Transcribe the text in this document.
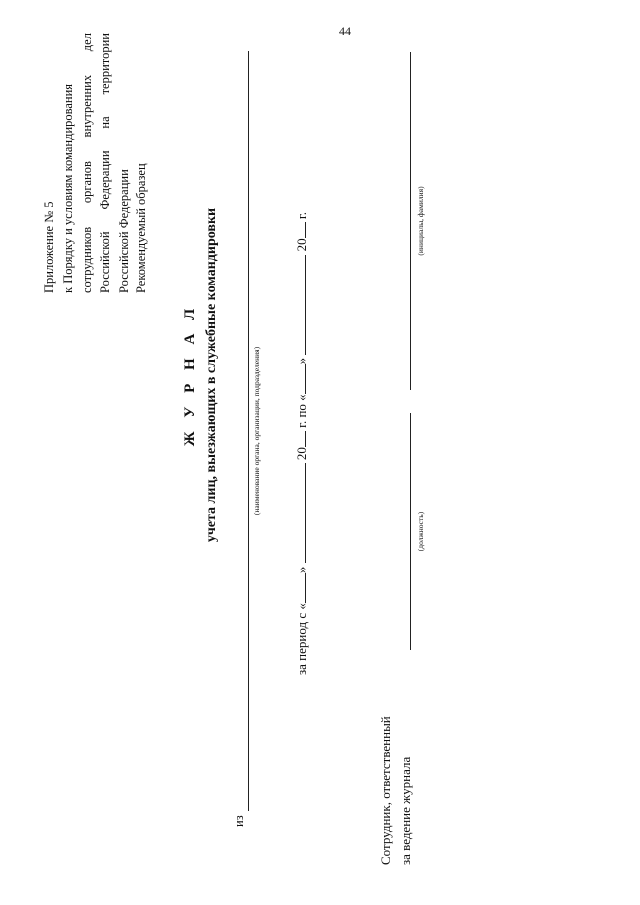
44
Приложение № 5 к Порядку и условиям командирования сотрудников
органов
внутренних
дел
Российской
Федерации
на
территории
Российской Федерации Рекомендуемый образец
Ж У Р Н А Л учета лиц, выезжающих в служебные командировки
из
(наименование органа, организации, подразделения)
за период с «»  20 г. по «»  20 г.
Сотрудник, ответственный за ведение журнала
(должность)
(инициалы, фамилия)
